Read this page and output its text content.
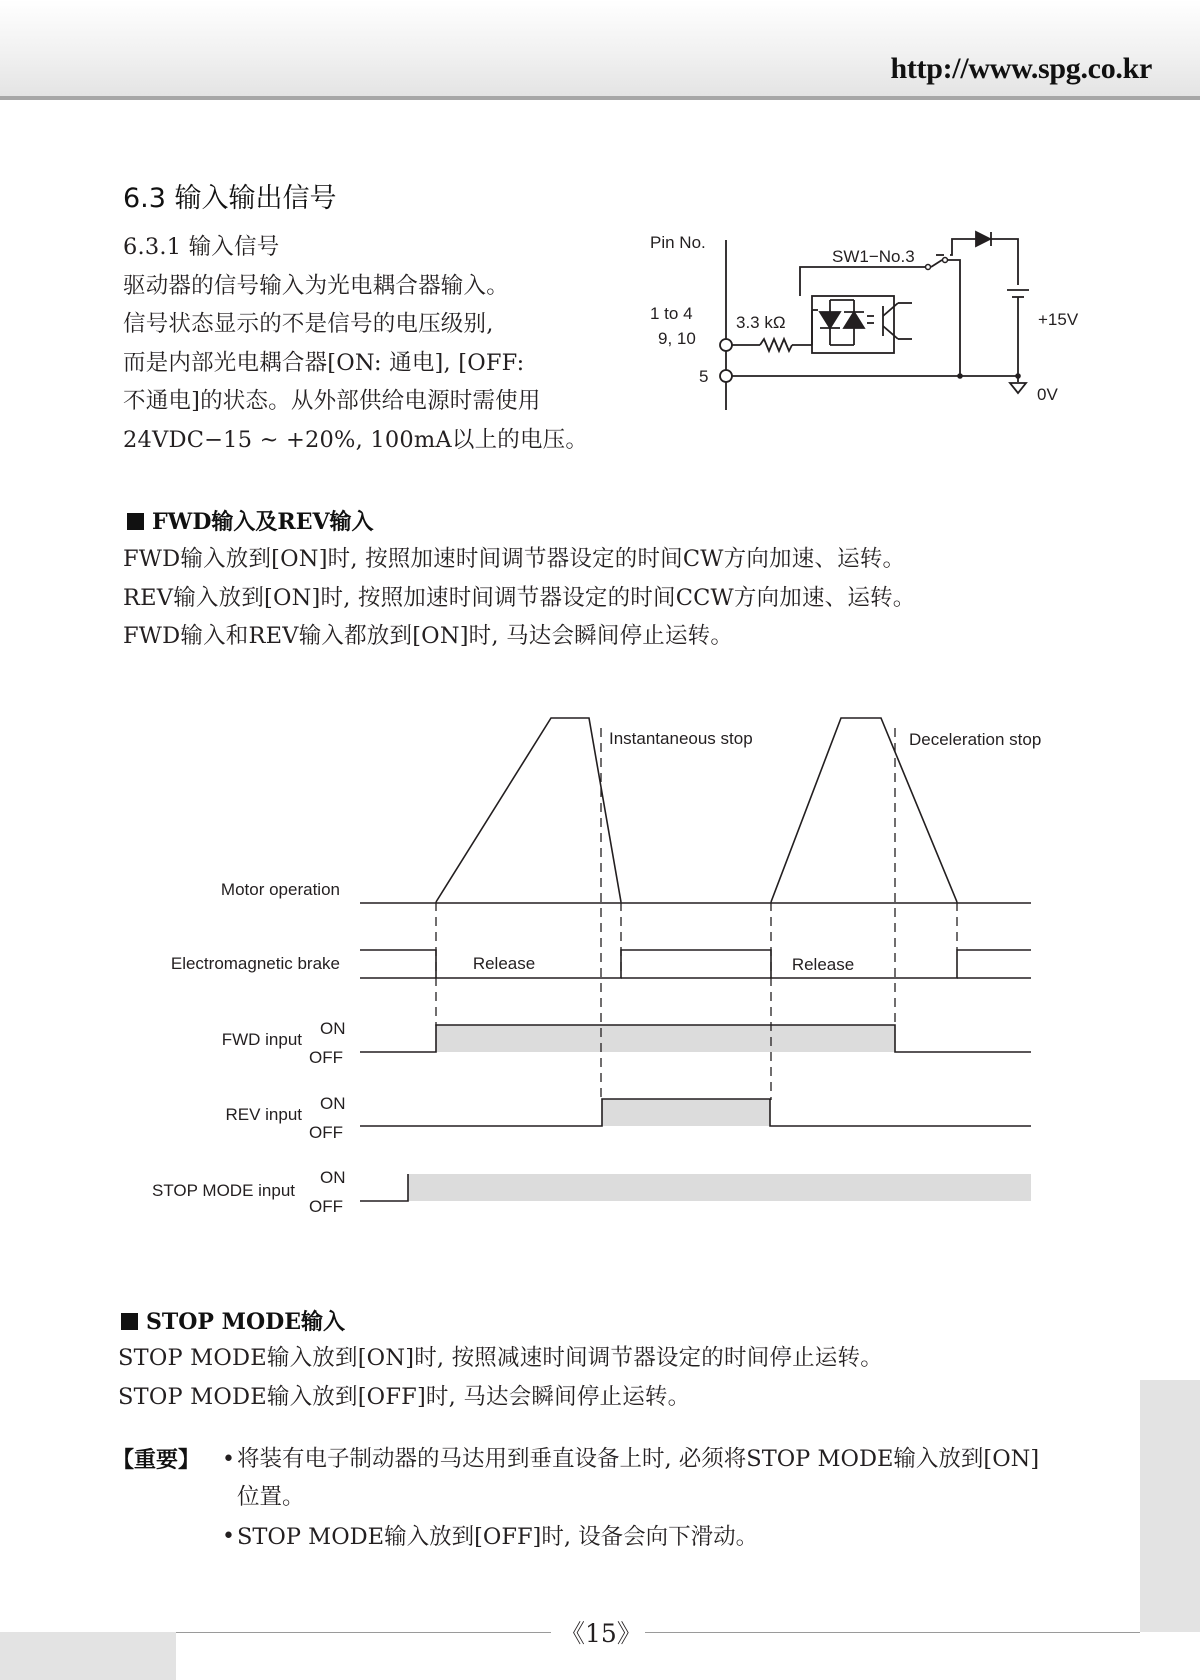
http://www.spg.co.kr
6.3 输入输出信号
6.3.1 输入信号
驱动器的信号输入为光电耦合器输入。
信号状态显示的不是信号的电压级别,
而是内部光电耦合器[ON: 通电], [OFF:
不通电]的状态。从外部供给电源时需使用
24VDC−15 ~ +20%, 100mA以上的电压。
Pin No.
1 to 4
9, 10
5
3.3 kΩ
SW1−No.3
+15V
0V
FWD输入及REV输入
FWD输入放到[ON]时, 按照加速时间调节器设定的时间CW方向加速、运转。
REV输入放到[ON]时, 按照加速时间调节器设定的时间CCW方向加速、运转。
FWD输入和REV输入都放到[ON]时, 马达会瞬间停止运转。
Instantaneous stop	Deceleration stop
Motor operation
Electromagnetic brake	Release	Release
FWD input
ON
OFF
REV input
ON
OFF
STOP MODE input
ON
OFF
STOP MODE输入
STOP MODE输入放到[ON]时, 按照减速时间调节器设定的时间停止运转。
STOP MODE输入放到[OFF]时, 马达会瞬间停止运转。
【重要】 • 将装有电子制动器的马达用到垂直设备上时, 必须将STOP MODE输入放到[ON]
位置。
• STOP MODE输入放到[OFF]时, 设备会向下滑动。
《15》
